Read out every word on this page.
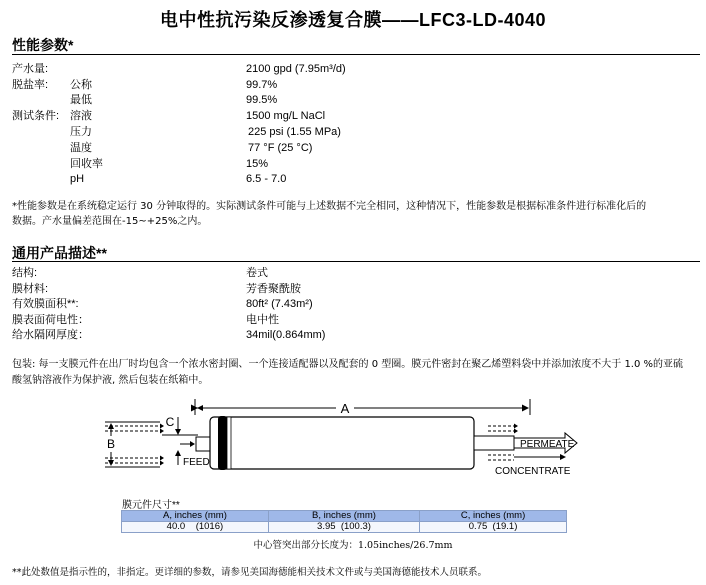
电中性抗污染反渗透复合膜——LFC3-LD-4040
性能参数*
产水量:	2100 gpd (7.95m³/d)
脱盐率: 公称	99.7%
最低	99.5%
测试条件: 溶液	1500 mg/L NaCl
压力	225 psi (1.55 MPa)
温度	77 °F (25 °C)
回收率	15%
pH	6.5 - 7.0
*性能参数是在系统稳定运行 30 分钟取得的。实际测试条件可能与上述数据不完全相同，这种情况下，性能参数是根据标准条件进行标准化后的
数据。产水量偏差范围在-15~+25%之内。
通用产品描述**
结构:	卷式
膜材料:	芳香聚酰胺
有效膜面积**:	80ft² (7.43m²)
膜表面荷电性：	电中性
给水隔网厚度：	34mil(0.864mm)
包装: 每一支膜元件在出厂时均包含一个浓水密封圈、一个连接适配器以及配套的 0 型圈。膜元件密封在聚乙烯塑料袋中并添加浓度不大于 1.0 %的亚硫
酸氢钠溶液作为保护液, 然后包装在纸箱中。
A
B
C
FEED
PERMEATE
CONCENTRATE
膜元件尺寸**
A, inches (mm)	B, inches (mm)	C, inches (mm)
40.0    (1016)	3.95  (100.3)	0.75  (19.1)
中心管突出部分长度为：1.05inches/26.7mm
**此处数值是指示性的，非指定。更详细的参数，请参见美国海德能相关技术文件或与美国海德能技术人员联系。
